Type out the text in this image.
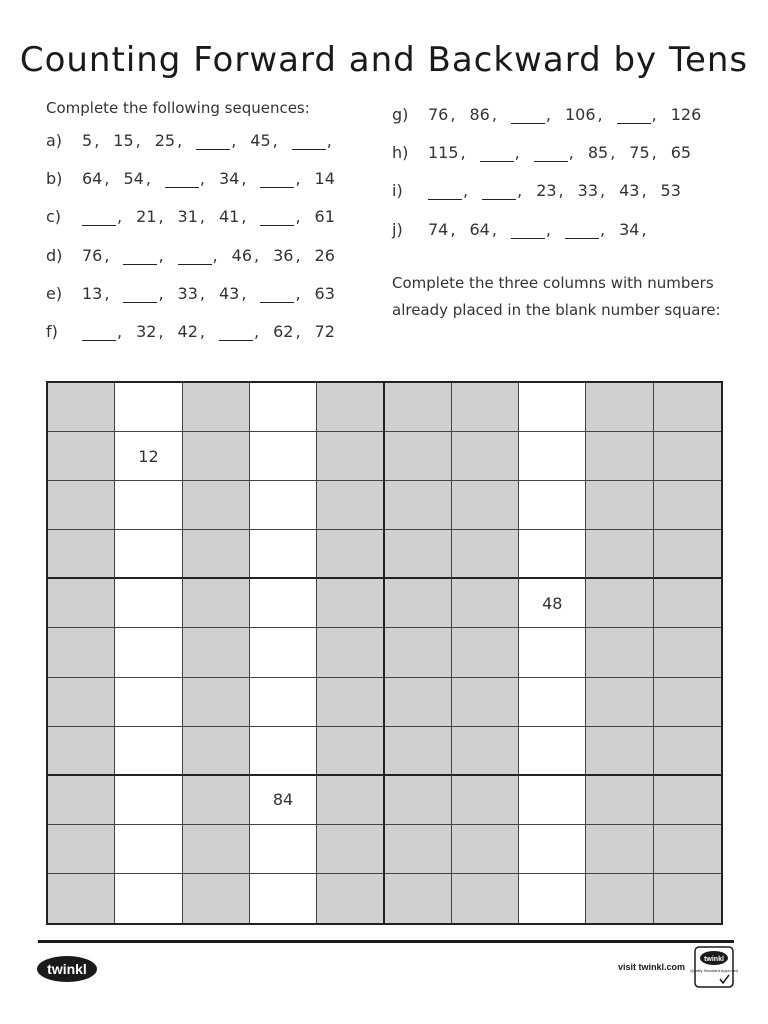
Counting Forward and Backward by Tens
Complete the following sequences:
a)	5 , 15 , 25 ,	, 45 ,	,
b)	64 , 54 ,	, 34 ,	, 14
c)	, 21 , 31 , 41 ,	, 61
d)	76 ,	,	, 46 , 36 , 26
e)	13 ,	, 33 , 43 ,	, 63
f)	, 32 , 42 ,	, 62 , 72
g)	76 , 86 ,	, 106 ,	, 126
h)	115 ,	,	, 85 , 75 , 65
i)	,	, 23 , 33 , 43 , 53
j)	74 , 64 ,	,	, 34 ,
Complete the three columns with numbers already placed in the blank number square:
12
48
84
twinkl	visit twinkl.com
twinkl
Quality Standard Approved
